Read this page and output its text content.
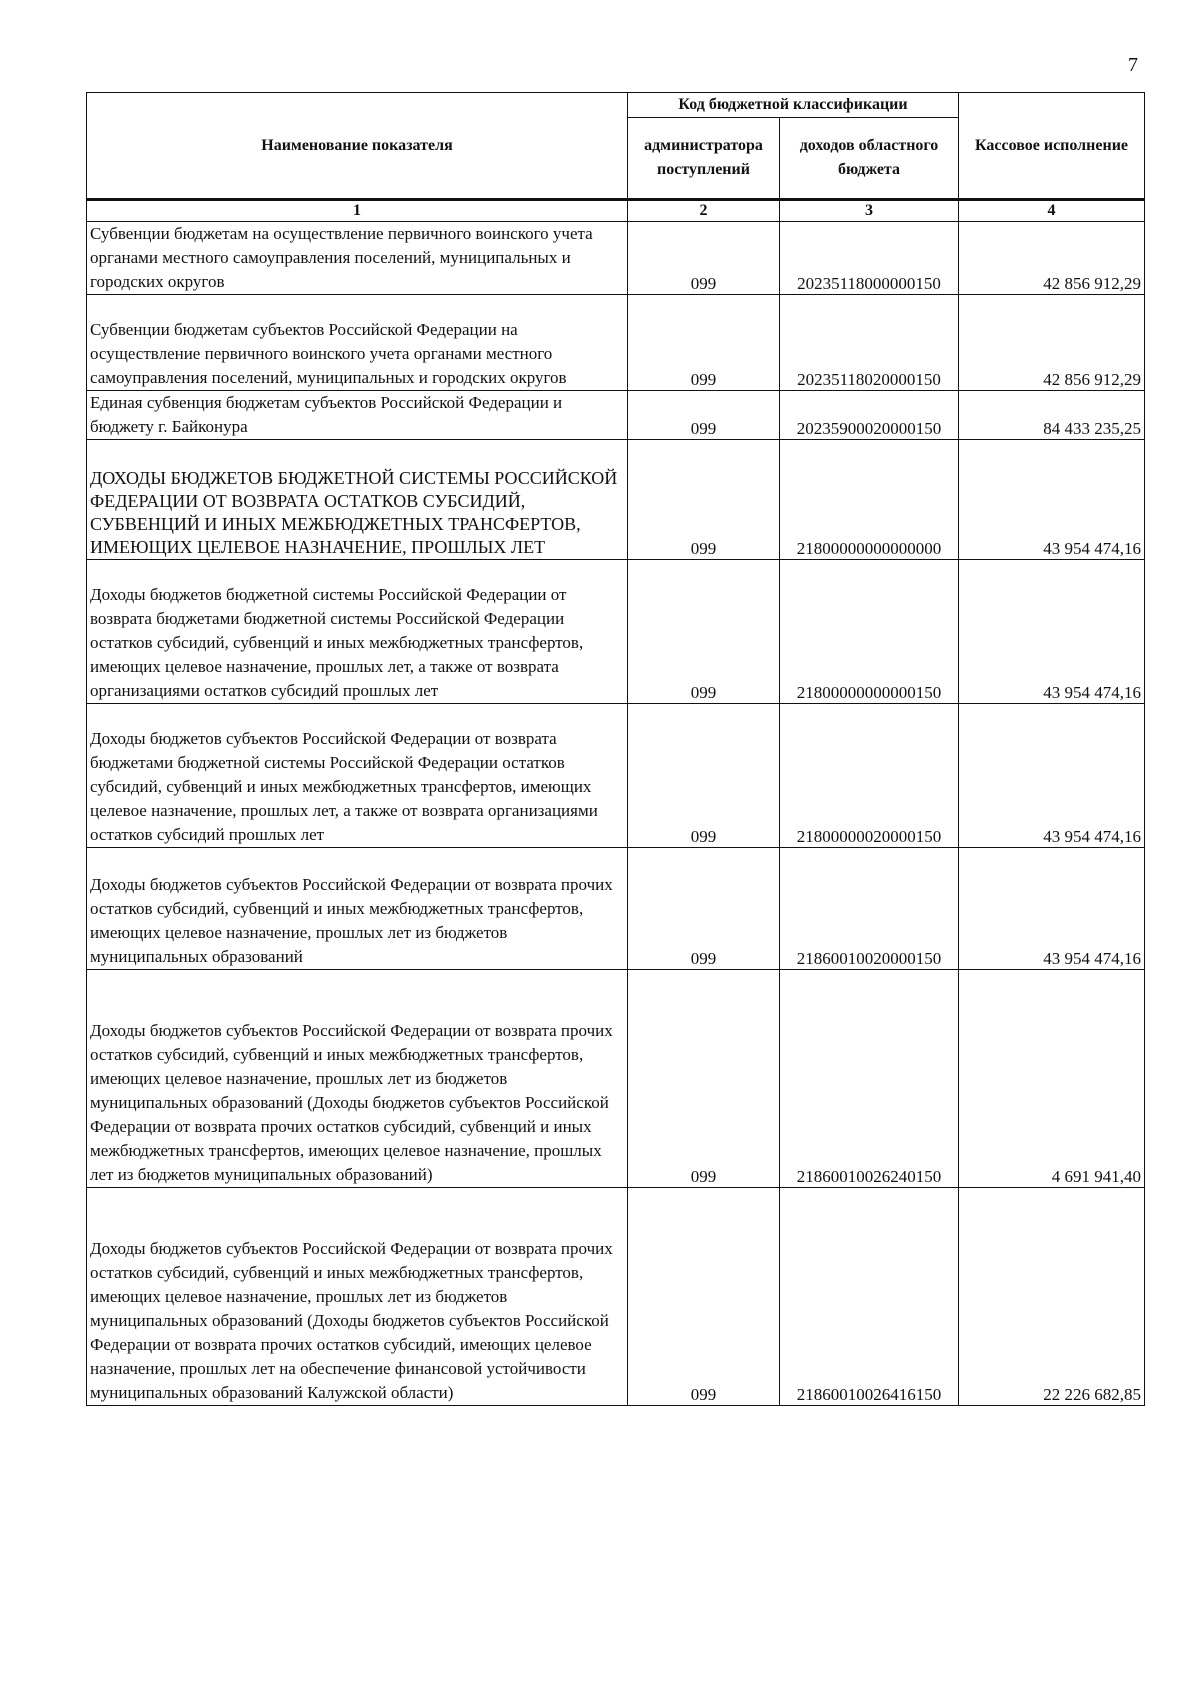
7
Наименование показателя	Код бюджетной классификации		Кассовое исполнение
	администратора поступлений	доходов областного бюджета	
1	2	3	4
Субвенции бюджетам на осуществление первичного воинского учета органами местного самоуправления поселений, муниципальных и городских округов	099	20235118000000150	42 856 912,29
Субвенции бюджетам субъектов Российской Федерации на осуществление первичного воинского учета органами местного самоуправления поселений, муниципальных и городских округов	099	20235118020000150	42 856 912,29
Единая субвенция бюджетам субъектов Российской Федерации и бюджету г. Байконура	099	20235900020000150	84 433 235,25
ДОХОДЫ БЮДЖЕТОВ БЮДЖЕТНОЙ СИСТЕМЫ РОССИЙСКОЙ ФЕДЕРАЦИИ ОТ ВОЗВРАТА ОСТАТКОВ СУБСИДИЙ, СУБВЕНЦИЙ И ИНЫХ МЕЖБЮДЖЕТНЫХ ТРАНСФЕРТОВ, ИМЕЮЩИХ ЦЕЛЕВОЕ НАЗНАЧЕНИЕ, ПРОШЛЫХ ЛЕТ	099	21800000000000000	43 954 474,16
Доходы бюджетов бюджетной системы Российской Федерации от возврата бюджетами бюджетной системы Российской Федерации остатков субсидий, субвенций и иных межбюджетных трансфертов, имеющих целевое назначение, прошлых лет, а также от возврата организациями остатков субсидий прошлых лет	099	21800000000000150	43 954 474,16
Доходы бюджетов субъектов Российской Федерации от возврата бюджетами бюджетной системы Российской Федерации остатков субсидий, субвенций и иных межбюджетных трансфертов, имеющих целевое назначение, прошлых лет, а также от возврата организациями остатков субсидий прошлых лет	099	21800000020000150	43 954 474,16
Доходы бюджетов субъектов Российской Федерации от возврата прочих остатков субсидий, субвенций и иных межбюджетных трансфертов, имеющих целевое назначение, прошлых лет из бюджетов муниципальных образований	099	21860010020000150	43 954 474,16
Доходы бюджетов субъектов Российской Федерации от возврата прочих остатков субсидий, субвенций и иных межбюджетных трансфертов, имеющих целевое назначение, прошлых лет из бюджетов муниципальных образований (Доходы бюджетов субъектов Российской Федерации от возврата прочих остатков субсидий, субвенций и иных межбюджетных трансфертов, имеющих целевое назначение, прошлых лет из бюджетов муниципальных образований)	099	21860010026240150	4 691 941,40
Доходы бюджетов субъектов Российской Федерации от возврата прочих остатков субсидий, субвенций и иных межбюджетных трансфертов, имеющих целевое назначение, прошлых лет из бюджетов муниципальных образований (Доходы бюджетов субъектов Российской Федерации от возврата прочих остатков субсидий, имеющих целевое назначение, прошлых лет на обеспечение финансовой устойчивости муниципальных образований Калужской области)	099	21860010026416150	22 226 682,85
